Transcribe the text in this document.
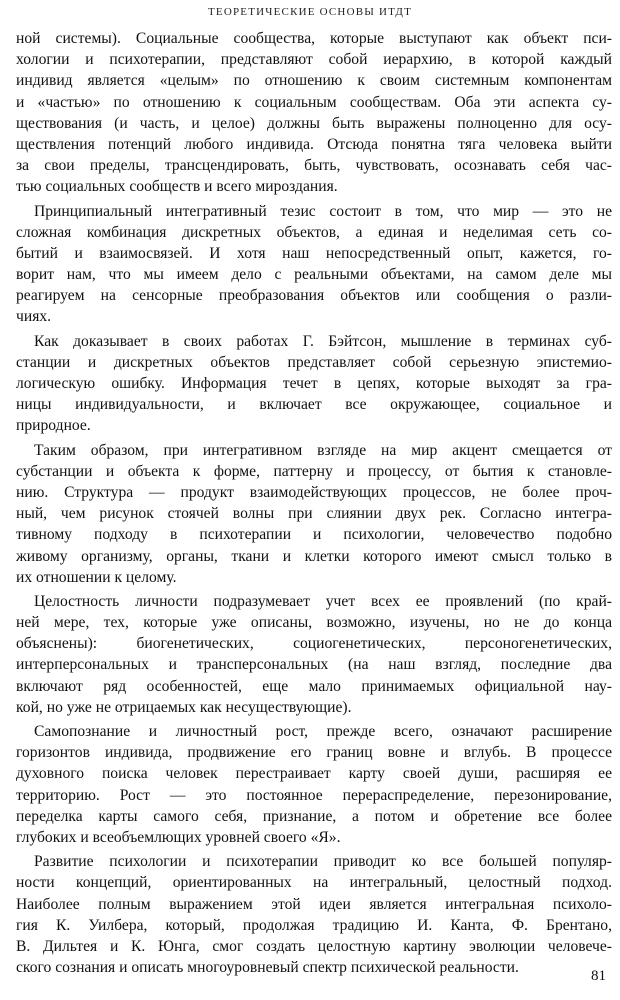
ТЕОРЕТИЧЕСКИЕ ОСНОВЫ ИТДТ
ной системы). Социальные сообщества, которые выступают как объект пси-
хологии и психотерапии, представляют собой иерархию, в которой каждый
индивид является «целым» по отношению к своим системным компонентам
и «частью» по отношению к социальным сообществам. Оба эти аспекта су-
ществования (и часть, и целое) должны быть выражены полноценно для осу-
ществления потенций любого индивида. Отсюда понятна тяга человека выйти
за свои пределы, трансцендировать, быть, чувствовать, осознавать себя час-
тью социальных сообществ и всего мироздания.
Принципиальный интегративный тезис состоит в том, что мир — это не
сложная комбинация дискретных объектов, а единая и неделимая сеть со-
бытий и взаимосвязей. И хотя наш непосредственный опыт, кажется, го-
ворит нам, что мы имеем дело с реальными объектами, на самом деле мы
реагируем на сенсорные преобразования объектов или сообщения о разли-
чиях.
Как доказывает в своих работах Г. Бэйтсон, мышление в терминах суб-
станции и дискретных объектов представляет собой серьезную эпистемио-
логическую ошибку. Информация течет в цепях, которые выходят за гра-
ницы индивидуальности, и включает все окружающее, социальное и
природное.
Таким образом, при интегративном взгляде на мир акцент смещается от
субстанции и объекта к форме, паттерну и процессу, от бытия к становле-
нию. Структура — продукт взаимодействующих процессов, не более проч-
ный, чем рисунок стоячей волны при слиянии двух рек. Согласно интегра-
тивному подходу в психотерапии и психологии, человечество подобно
живому организму, органы, ткани и клетки которого имеют смысл только в
их отношении к целому.
Целостность личности подразумевает учет всех ее проявлений (по край-
ней мере, тех, которые уже описаны, возможно, изучены, но не до конца
объяснены): биогенетических, социогенетических, персоногенетических,
интерперсональных и трансперсональных (на наш взгляд, последние два
включают ряд особенностей, еще мало принимаемых официальной нау-
кой, но уже не отрицаемых как несуществующие).
Самопознание и личностный рост, прежде всего, означают расширение
горизонтов индивида, продвижение его границ вовне и вглубь. В процессе
духовного поиска человек перестраивает карту своей души, расширяя ее
территорию. Рост — это постоянное перераспределение, перезонирование,
переделка карты самого себя, признание, а потом и обретение все более
глубоких и всеобъемлющих уровней своего «Я».
Развитие психологии и психотерапии приводит ко все большей популяр-
ности концепций, ориентированных на интегральный, целостный подход.
Наиболее полным выражением этой идеи является интегральная психоло-
гия К. Уилбера, который, продолжая традицию И. Канта, Ф. Брентано,
В. Дильтея и К. Юнга, смог создать целостную картину эволюции человече-
ского сознания и описать многоуровневый спектр психической реальности.	81
